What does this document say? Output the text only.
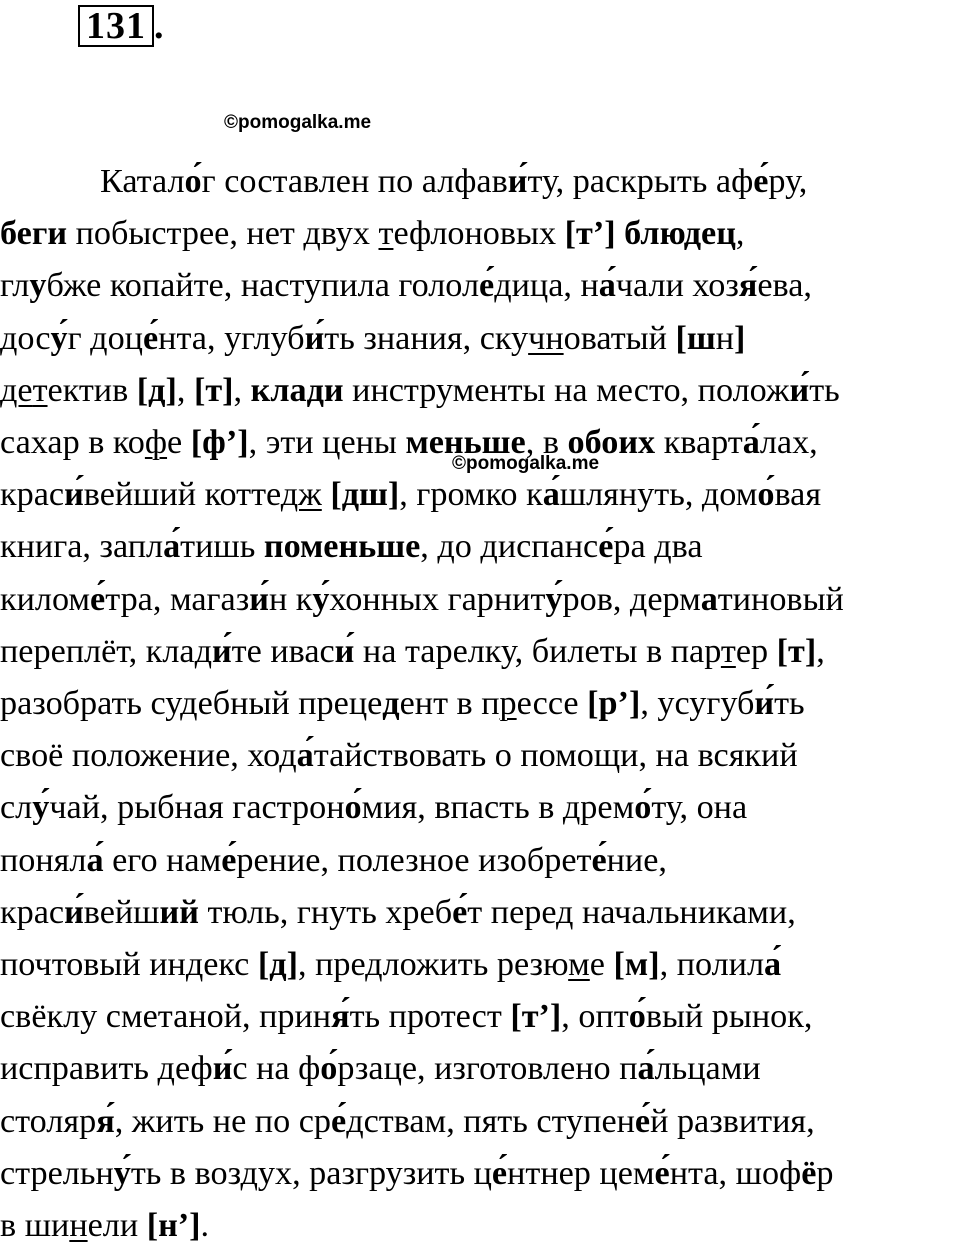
131 .
©pomogalka.me
©pomogalka.me
Катало́г составлен по алфави́ту, раскрыть афе́ру,
беги побыстрее, нет двух тефлоновых [т’] блюдец,
глубже копайте, наступила гололе́дица, на́чали хозя́ева,
досу́г доце́нта, углуби́ть знания, скучноватый [шн]
детектив [д], [т], клади инструменты на место, положи́ть
сахар в кофе [ф’], эти цены меньше, в обоих кварта́лах,
краси́вейший коттедж [дш], громко ка́шлянуть, домо́вая
книга, запла́тишь поменьше, до диспансе́ра два
киломе́тра, магази́н ку́хонных гарниту́ров, дерматиновый
переплёт, клади́те иваси́ на тарелку, билеты в партер [т],
разобрать судебный прецедент в прессе [р’], усугуби́ть
своё положение, хода́тайствовать о помощи, на всякий
слу́чай, рыбная гастроно́мия, впасть в дремо́ту, она
поняла́ его наме́рение, полезное изобрете́ние,
краси́вейший тюль, гнуть хребе́т перед начальниками,
почтовый индекс [д], предложить резюме [м], полила́
свёклу сметаной, приня́ть протест [т’], опто́вый рынок,
исправить дефи́с на фо́рзаце, изготовлено па́льцами
столяря́, жить не по сре́дствам, пять ступене́й развития,
стрельну́ть в воздух, разгрузить це́нтнер цеме́нта, шофёр
в шинели [н’].
